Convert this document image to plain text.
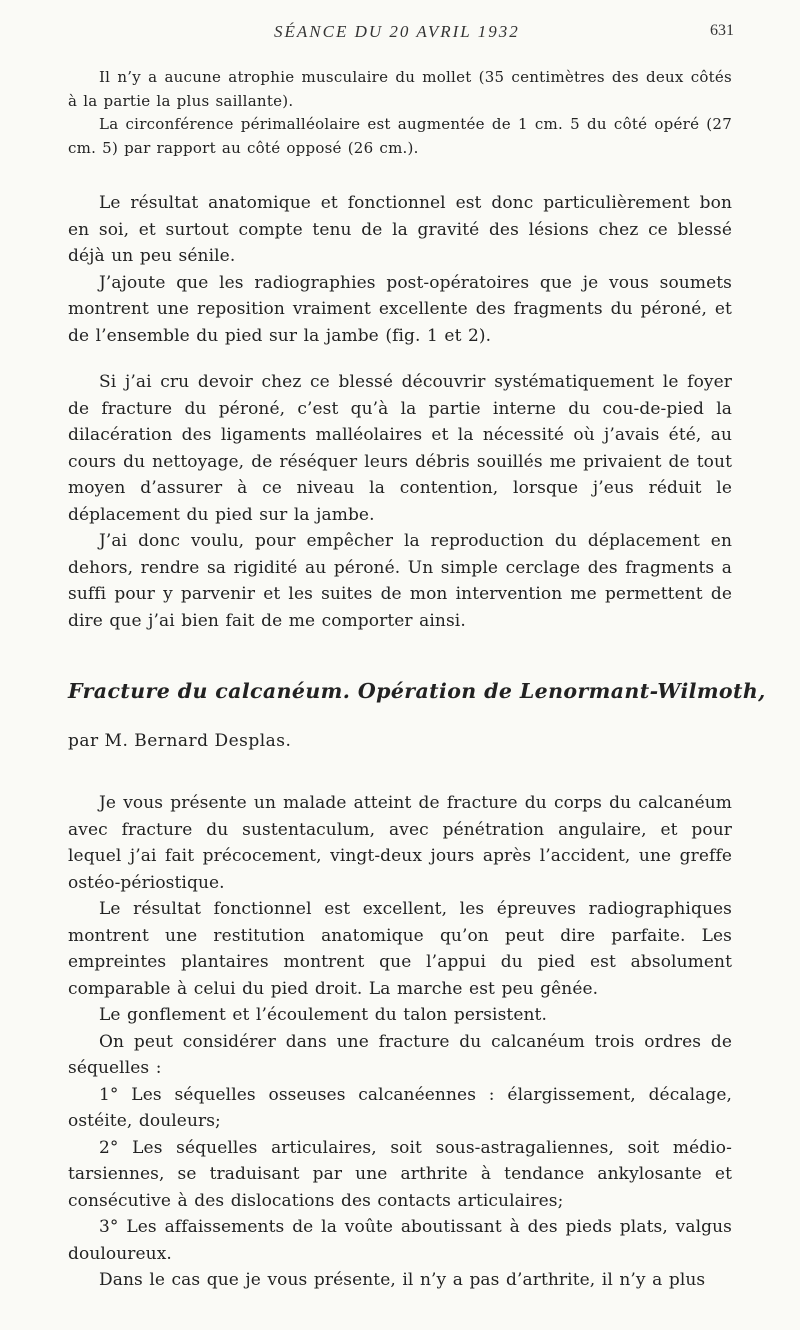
SÉANCE DU 20 AVRIL 1932	631

Il n’y a aucune atrophie musculaire du mollet (35 centimètres des deux côtés à la partie la plus saillante).

La circonférence périmalléolaire est augmentée de 1 cm. 5 du côté opéré (27 cm. 5) par rapport au côté opposé (26 cm.).

Le résultat anatomique et fonctionnel est donc particulièrement bon en soi, et surtout compte tenu de la gravité des lésions chez ce blessé déjà un peu sénile.

J’ajoute que les radiographies post-opératoires que je vous soumets montrent une reposition vraiment excellente des fragments du péroné, et de l’ensemble du pied sur la jambe (fig. 1 et 2).

Si j’ai cru devoir chez ce blessé découvrir systématiquement le foyer de fracture du péroné, c’est qu’à la partie interne du cou-de-pied la dilacération des ligaments malléolaires et la nécessité où j’avais été, au cours du nettoyage, de réséquer leurs débris souillés me privaient de tout moyen d’assurer à ce niveau la contention, lorsque j’eus réduit le déplacement du pied sur la jambe.

J’ai donc voulu, pour empêcher la reproduction du déplacement en dehors, rendre sa rigidité au péroné. Un simple cerclage des fragments a suffi pour y parvenir et les suites de mon intervention me permettent de dire que j’ai bien fait de me comporter ainsi.

Fracture du calcanéum. Opération de Lenormant-Wilmoth,

par M. Bernard Desplas.

Je vous présente un malade atteint de fracture du corps du calcanéum avec fracture du sustentaculum, avec pénétration angulaire, et pour lequel j’ai fait précocement, vingt-deux jours après l’accident, une greffe ostéo-périostique.

Le résultat fonctionnel est excellent, les épreuves radiographiques montrent une restitution anatomique qu’on peut dire parfaite. Les empreintes plantaires montrent que l’appui du pied est absolument comparable à celui du pied droit. La marche est peu gênée.

Le gonflement et l’écoulement du talon persistent.

On peut considérer dans une fracture du calcanéum trois ordres de séquelles :

1° Les séquelles osseuses calcanéennes : élargissement, décalage, ostéite, douleurs;

2° Les séquelles articulaires, soit sous-astragaliennes, soit médio-tarsiennes, se traduisant par une arthrite à tendance ankylosante et consécutive à des dislocations des contacts articulaires;

3° Les affaissements de la voûte aboutissant à des pieds plats, valgus douloureux.

Dans le cas que je vous présente, il n’y a pas d’arthrite, il n’y a plus
